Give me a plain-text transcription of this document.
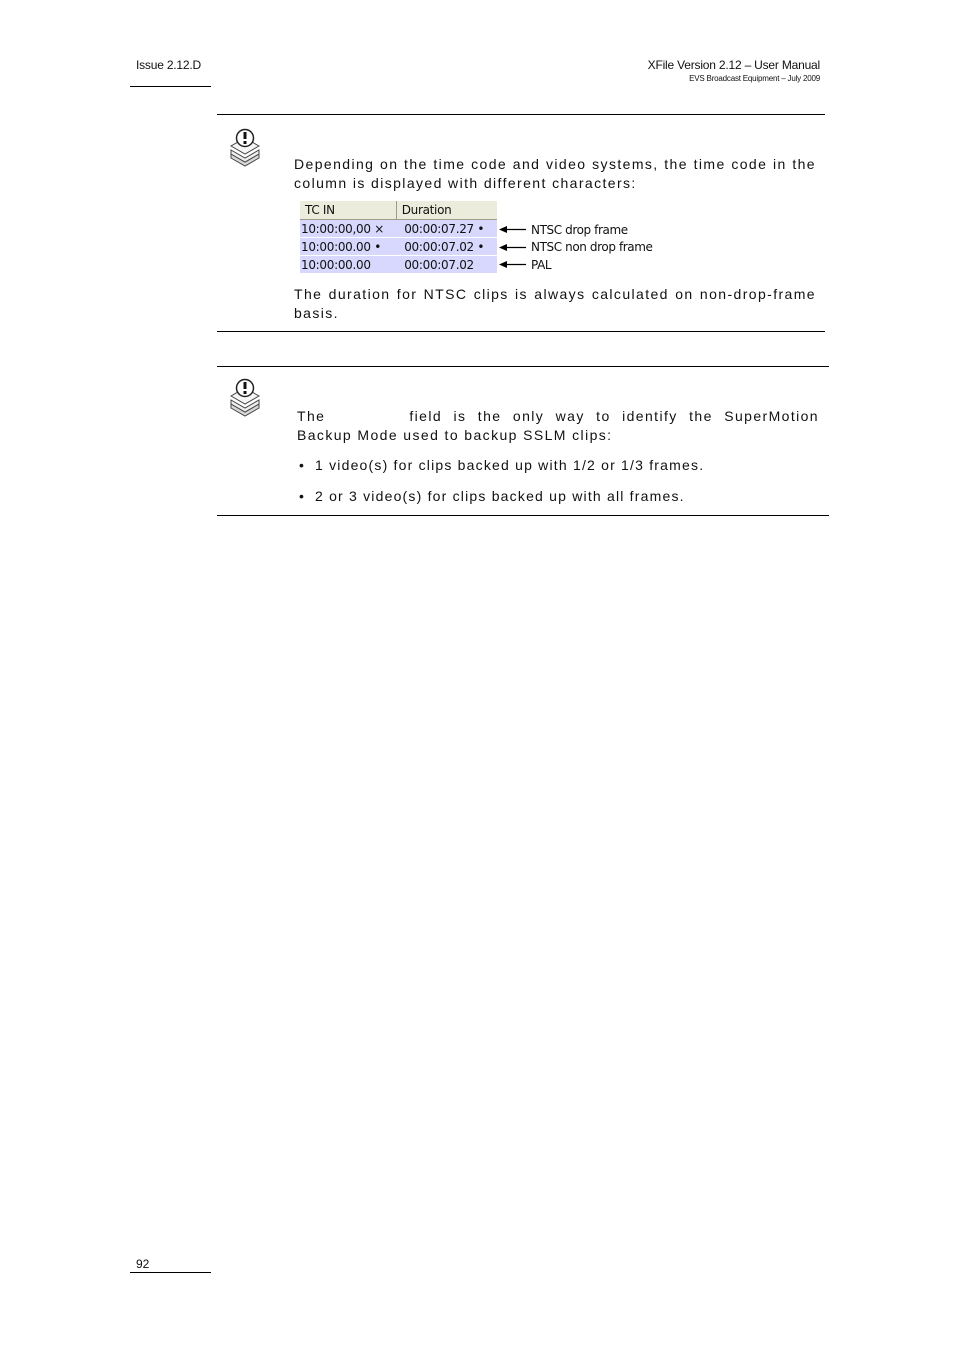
Issue 2.12.D	XFile Version 2.12 – User Manual
EVS Broadcast Equipment – July 2009
Depending on the time code and video systems, the time code in the column is displayed with different characters:
TC IN	Duration
10:00:00,00 ×	00:00:07.27 •
10:00:00.00 •	00:00:07.02 •
10:00:00.00	00:00:07.02
NTSC drop frame
NTSC non drop frame
PAL
The duration for NTSC clips is always calculated on non-drop-frame basis.
The	field is the only way to identify the SuperMotion Backup Mode used to backup SSLM clips:
• 1 video(s) for clips backed up with 1/2 or 1/3 frames.
• 2 or 3 video(s) for clips backed up with all frames.
92
